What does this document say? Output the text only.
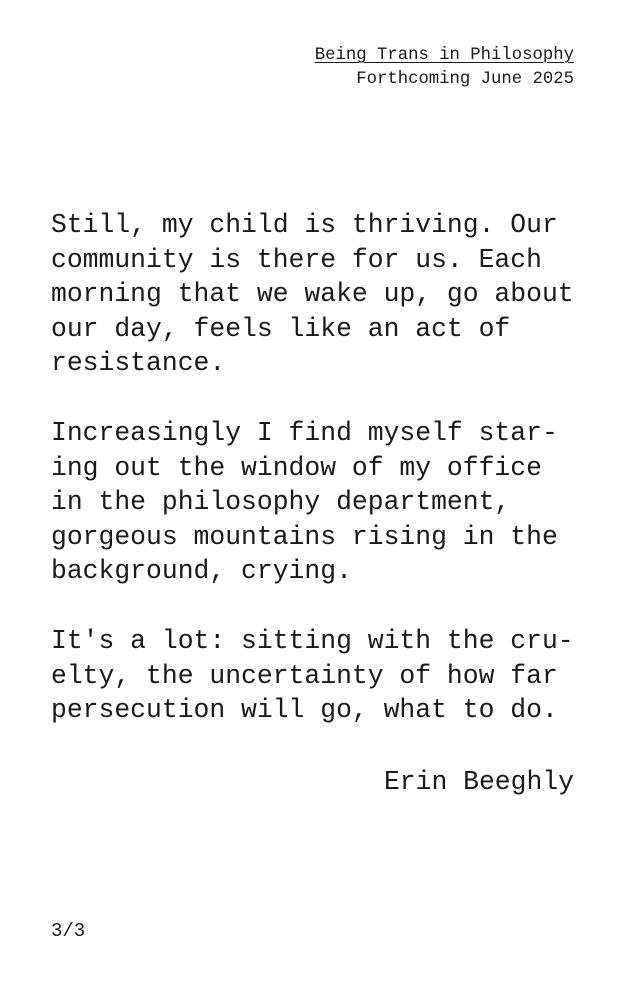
Being Trans in Philosophy
Forthcoming June 2025
Still, my child is thriving. Our
community is there for us. Each
morning that we wake up, go about
our day, feels like an act of
resistance.
Increasingly I find myself star-
ing out the window of my office
in the philosophy department,
gorgeous mountains rising in the
background, crying.
It's a lot: sitting with the cru-
elty, the uncertainty of how far
persecution will go, what to do.
Erin Beeghly
3/3
